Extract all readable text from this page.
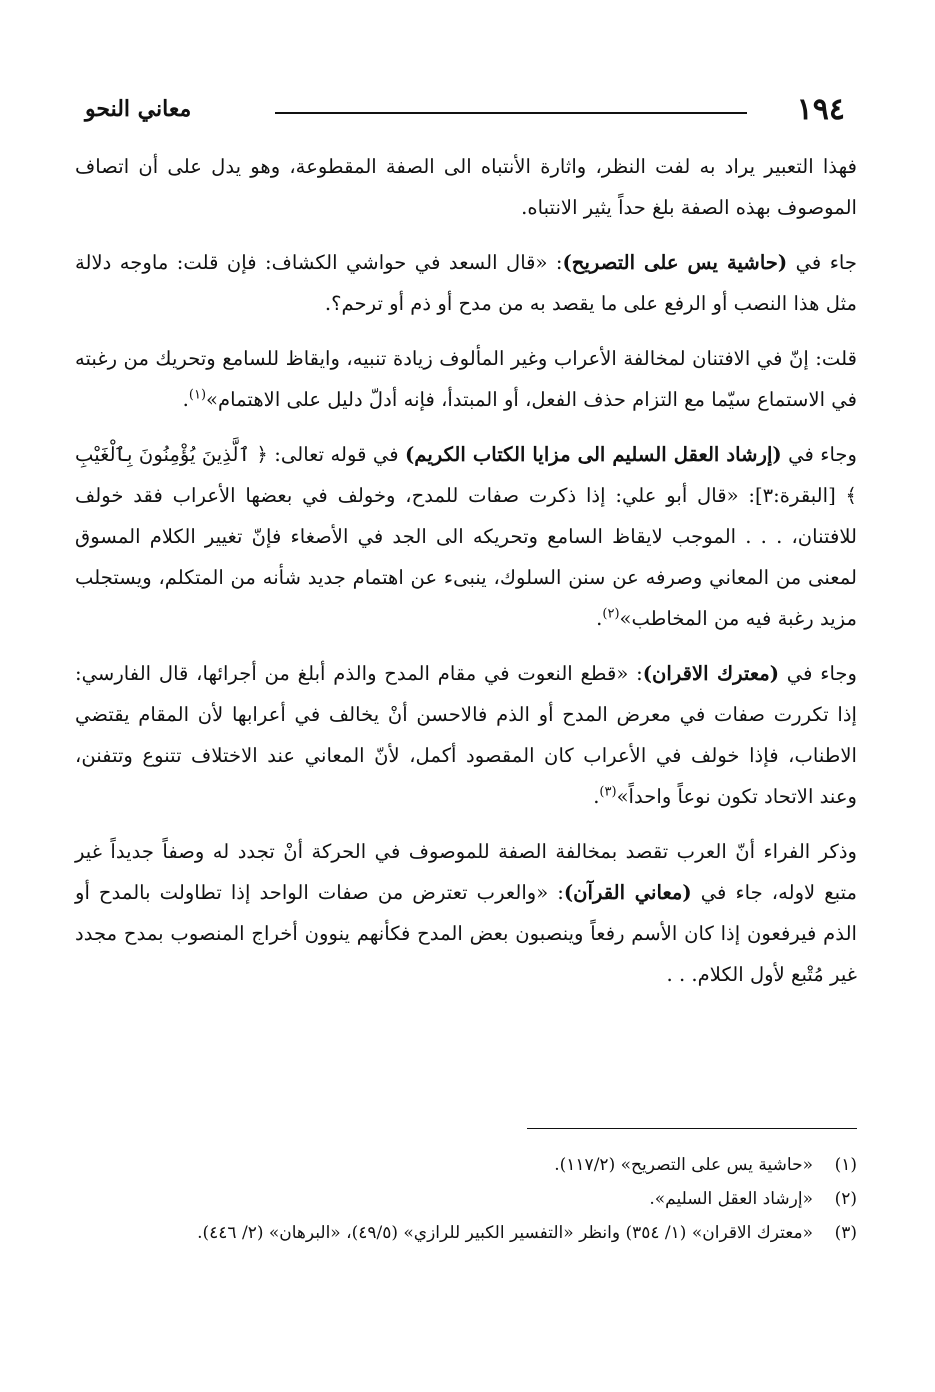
١٩٤
معاني النحو

فهذا التعبير يراد به لفت النظر، واثارة الأنتباه الى الصفة المقطوعة، وهو يدل على أن اتصاف الموصوف بهذه الصفة بلغ حداً يثير الانتباه.

جاء في (حاشية يس على التصريح): «قال السعد في حواشي الكشاف: فإن قلت: ماوجه دلالة مثل هذا النصب أو الرفع على ما يقصد به من مدح أو ذم أو ترحم؟.

قلت: إنّ في الافتنان لمخالفة الأعراب وغير المألوف زيادة تنبيه، وايقاظ للسامع وتحريك من رغبته في الاستماع سيّما مع التزام حذف الفعل، أو المبتدأ، فإنه أدلّ دليل على الاهتمام»$^{(١)}$.

وجاء في (إرشاد العقل السليم الى مزايا الكتاب الكريم) في قوله تعالى: ﴿ ٱلَّذِينَ يُؤْمِنُونَ بِٱلْغَيْبِ ﴾ [البقرة:٣]: «قال أبو علي: إذا ذكرت صفات للمدح، وخولف في بعضها الأعراب فقد خولف للافتنان، . . . الموجب لايقاظ السامع وتحريكه الى الجد في الأصغاء فإنّ تغيير الكلام المسوق لمعنى من المعاني وصرفه عن سنن السلوك، ينبىء عن اهتمام جديد شأنه من المتكلم، ويستجلب مزيد رغبة فيه من المخاطب»$^{(٢)}$.

وجاء في (معترك الاقران): «قطع النعوت في مقام المدح والذم أبلغ من أجرائها، قال الفارسي: إذا تكررت صفات في معرض المدح أو الذم فالاحسن أنْ يخالف في أعرابها لأن المقام يقتضي الاطناب، فإذا خولف في الأعراب كان المقصود أكمل، لأنّ المعاني عند الاختلاف تتنوع وتتفنن، وعند الاتحاد تكون نوعاً واحداً»$^{(٣)}$.

وذكر الفراء أنّ العرب تقصد بمخالفة الصفة للموصوف في الحركة أنْ تجدد له وصفاً جديداً غير متبع لاوله، جاء في (معاني القرآن): «والعرب تعترض من صفات الواحد إذا تطاولت بالمدح أو الذم فيرفعون إذا كان الأسم رفعاً وينصبون بعض المدح فكأنهم ينوون أخراج المنصوب بمدح مجدد غير مُتْبع لأول الكلام. . .

(١)«حاشية يس على التصريح» (١١٧/٢).
(٢)«إرشاد العقل السليم».
(٣)«معترك الاقران» (١/ ٣٥٤) وانظر «التفسير الكبير للرازي» (٤٩/٥)، «البرهان» (٢/ ٤٤٦).
